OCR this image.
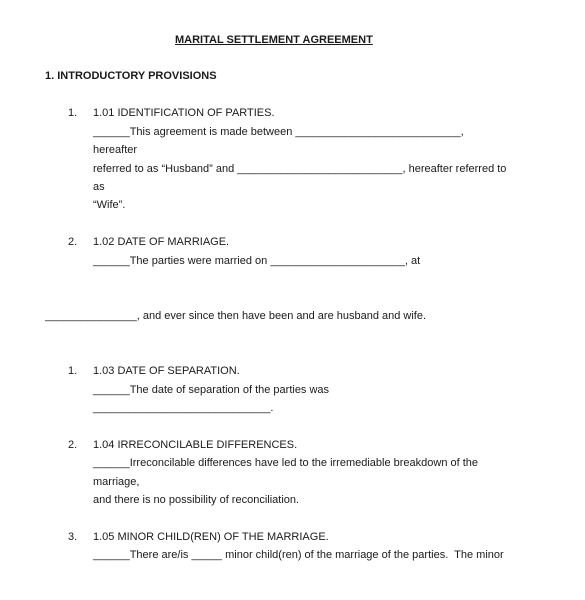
MARITAL SETTLEMENT AGREEMENT
1. INTRODUCTORY PROVISIONS
1. 1.01 IDENTIFICATION OF PARTIES.
______This agreement is made between ___________________________,
hereafter
referred to as “Husband” and ___________________________, hereafter referred to
as
“Wife”.
2. 1.02 DATE OF MARRIAGE.
______The parties were married on ______________________, at
_______________, and ever since then have been and are husband and wife.
1. 1.03 DATE OF SEPARATION.
______The date of separation of the parties was
_____________________________.
2. 1.04 IRRECONCILABLE DIFFERENCES.
______Irreconcilable differences have led to the irremediable breakdown of the
marriage,
and there is no possibility of reconciliation.
3. 1.05 MINOR CHILD(REN) OF THE MARRIAGE.
______There are/is _____ minor child(ren) of the marriage of the parties.  The minor
